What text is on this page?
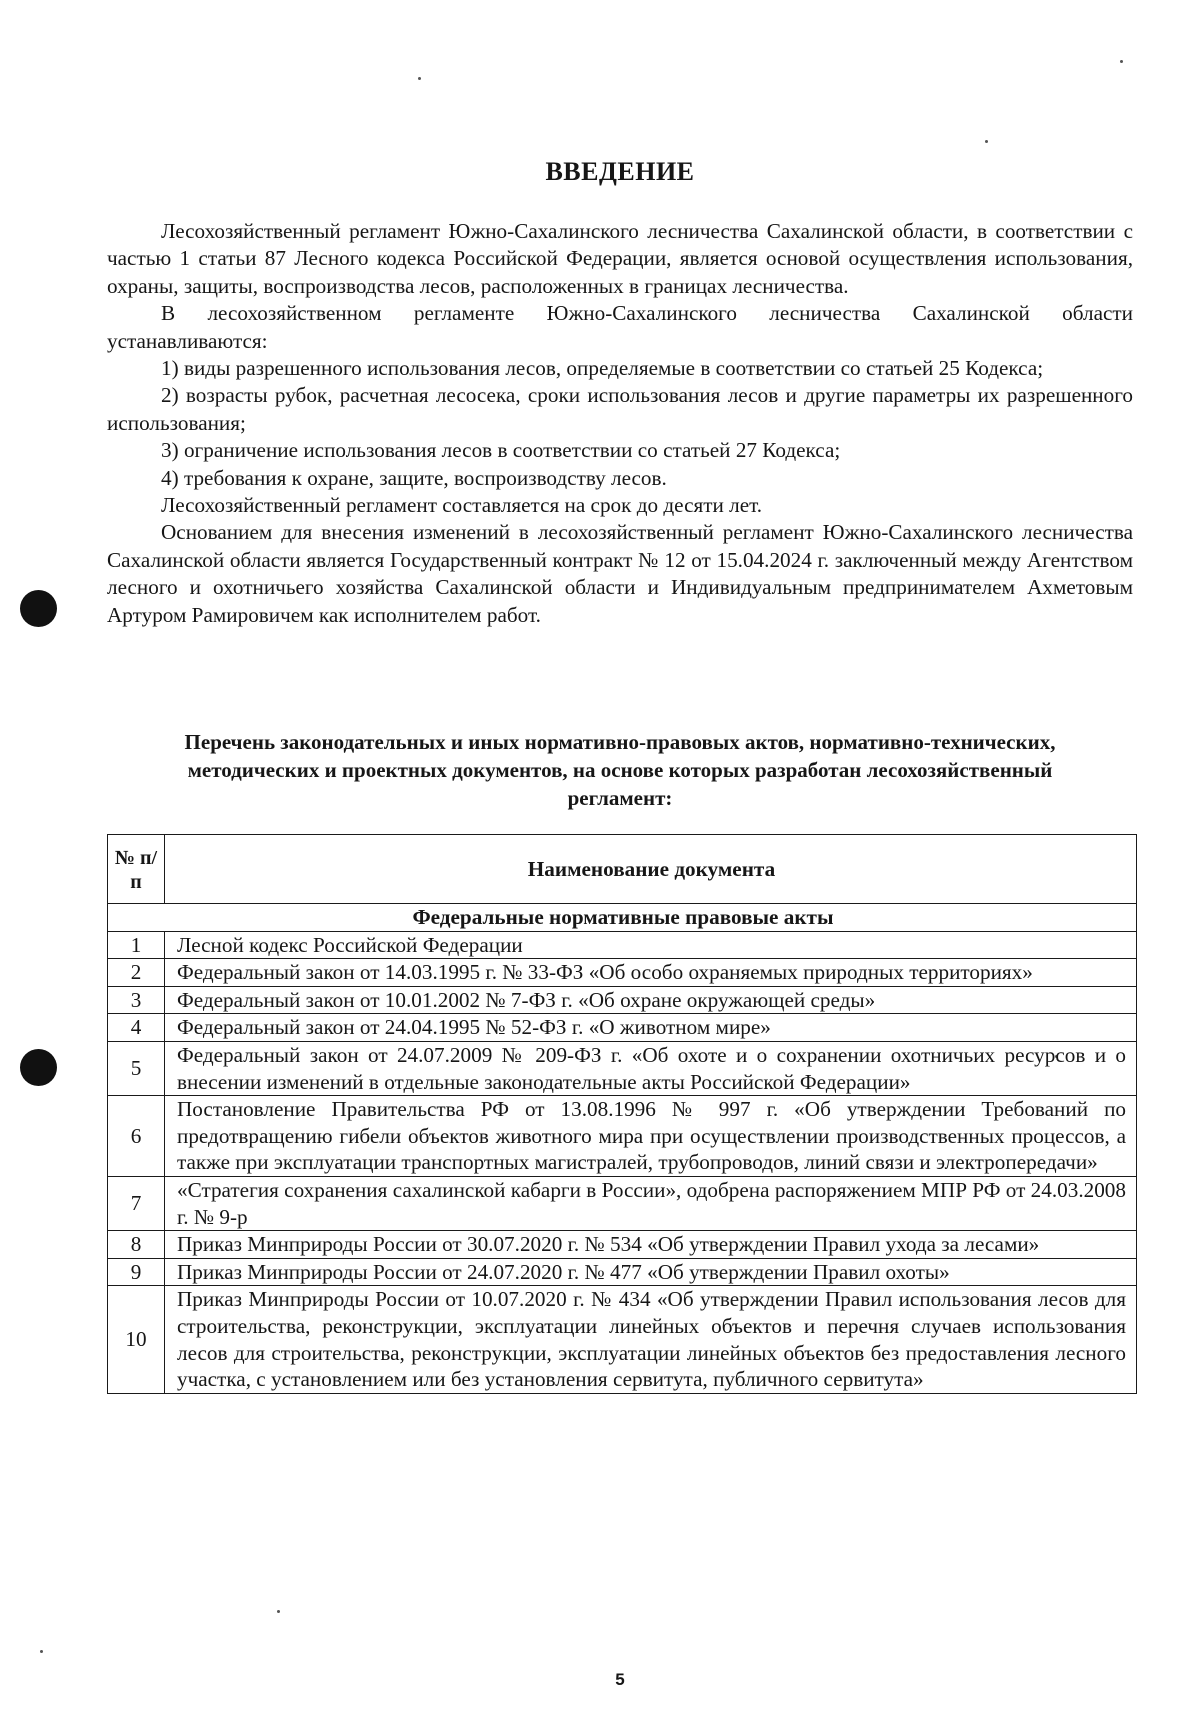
ВВЕДЕНИЕ

Лесохозяйственный регламент Южно-Сахалинского лесничества Сахалинской области, в соответствии с частью 1 статьи 87 Лесного кодекса Российской Федерации, является основой осуществления использования, охраны, защиты, воспроизводства лесов, расположенных в границах лесничества.

В лесохозяйственном регламенте Южно-Сахалинского лесничества Сахалинской области устанавливаются:

1) виды разрешенного использования лесов, определяемые в соответствии со статьей 25 Кодекса;

2) возрасты рубок, расчетная лесосека, сроки использования лесов и другие параметры их разрешенного использования;

3) ограничение использования лесов в соответствии со статьей 27 Кодекса;

4) требования к охране, защите, воспроизводству лесов.

Лесохозяйственный регламент составляется на срок до десяти лет.

Основанием для внесения изменений в лесохозяйственный регламент Южно-Сахалинского лесничества Сахалинской области является Государственный контракт № 12 от 15.04.2024 г. заключенный между Агентством лесного и охотничьего хозяйства Сахалинской области и Индивидуальным предпринимателем Ахметовым Артуром Рамировичем как исполнителем работ.

Перечень законодательных и иных нормативно-правовых актов, нормативно-технических, методических и проектных документов, на основе которых разработан лесохозяйственный регламент:
№ п/п	Наименование документа
Федеральные нормативные правовые акты	
1	Лесной кодекс Российской Федерации
2	Федеральный закон от 14.03.1995 г. № 33-ФЗ «Об особо охраняемых природных территориях»
3	Федеральный закон от 10.01.2002 № 7-ФЗ г. «Об охране окружающей среды»
4	Федеральный закон от 24.04.1995 № 52-ФЗ г. «О животном мире»
5	Федеральный закон от 24.07.2009 № 209-ФЗ г. «Об охоте и о сохранении охотничьих ресурсов и о внесении изменений в отдельные законодательные акты Российской Федерации»
6	Постановление Правительства РФ от 13.08.1996 № 997 г. «Об утверждении Требований по предотвращению гибели объектов животного мира при осуществлении производственных процессов, а также при эксплуатации транспортных магистралей, трубопроводов, линий связи и электропередачи»
7	«Стратегия сохранения сахалинской кабарги в России», одобрена распоряжением МПР РФ от 24.03.2008 г. № 9-р
8	Приказ Минприроды России от 30.07.2020 г. № 534 «Об утверждении Правил ухода за лесами»
9	Приказ Минприроды России от 24.07.2020 г. № 477 «Об утверждении Правил охоты»
10	Приказ Минприроды России от 10.07.2020 г. № 434 «Об утверждении Правил использования лесов для строительства, реконструкции, эксплуатации линейных объектов и перечня случаев использования лесов для строительства, реконструкции, эксплуатации линейных объектов без предоставления лесного участка, с установлением или без установления сервитута, публичного сервитута»
5
